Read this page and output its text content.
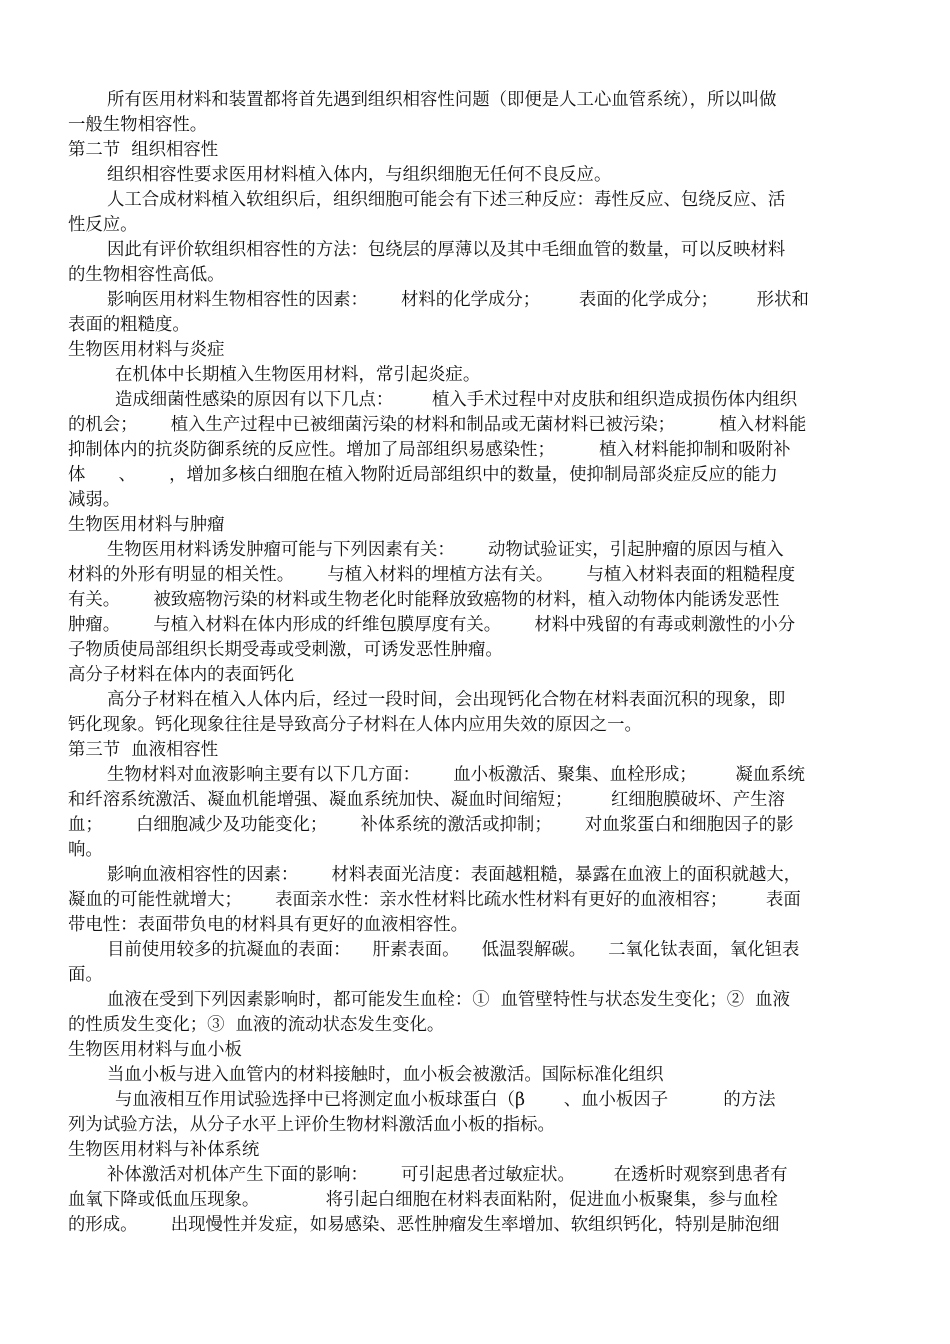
所有医用材料和装置都将首先遇到组织相容性问题（即便是人工心血管系统），所以叫做
一般生物相容性。
第二节  组织相容性
组织相容性要求医用材料植入体内，与组织细胞无任何不良反应。
人工合成材料植入软组织后，组织细胞可能会有下述三种反应：毒性反应、包绕反应、活
性反应。
因此有评价软组织相容性的方法：包绕层的厚薄以及其中毛细血管的数量，可以反映材料
的生物相容性高低。
影响医用材料生物相容性的因素：      材料的化学成分；       表面的化学成分；       形状和
表面的粗糙度。
生物医用材料与炎症
在机体中长期植入生物医用材料，常引起炎症。
造成细菌性感染的原因有以下几点：       植入手术过程中对皮肤和组织造成损伤体内组织
的机会；      植入生产过程中已被细菌污染的材料和制品或无菌材料已被污染；        植入材料能
抑制体内的抗炎防御系统的反应性。增加了局部组织易感染性；        植入材料能抑制和吸附补
体      、      ，增加多核白细胞在植入物附近局部组织中的数量，使抑制局部炎症反应的能力
减弱。
生物医用材料与肿瘤
生物医用材料诱发肿瘤可能与下列因素有关：      动物试验证实，引起肿瘤的原因与植入
材料的外形有明显的相关性。      与植入材料的埋植方法有关。      与植入材料表面的粗糙程度
有关。      被致癌物污染的材料或生物老化时能释放致癌物的材料，植入动物体内能诱发恶性
肿瘤。      与植入材料在体内形成的纤维包膜厚度有关。      材料中残留的有毒或刺激性的小分
子物质使局部组织长期受毒或受刺激，可诱发恶性肿瘤。
高分子材料在体内的表面钙化
高分子材料在植入人体内后，经过一段时间，会出现钙化合物在材料表面沉积的现象，即
钙化现象。钙化现象往往是导致高分子材料在人体内应用失效的原因之一。
第三节  血液相容性
生物材料对血液影响主要有以下几方面：      血小板激活、聚集、血栓形成；       凝血系统
和纤溶系统激活、凝血机能增强、凝血系统加快、凝血时间缩短；       红细胞膜破坏、产生溶
血；      白细胞减少及功能变化；      补体系统的激活或抑制；      对血浆蛋白和细胞因子的影
响。
影响血液相容性的因素：      材料表面光洁度：表面越粗糙，暴露在血液上的面积就越大，
凝血的可能性就增大；      表面亲水性：亲水性材料比疏水性材料有更好的血液相容；       表面
带电性：表面带负电的材料具有更好的血液相容性。
目前使用较多的抗凝血的表面：    肝素表面。    低温裂解碳。    二氧化钛表面，氧化钽表
面。
血液在受到下列因素影响时，都可能发生血栓：①  血管壁特性与状态发生变化；②  血液
的性质发生变化；③  血液的流动状态发生变化。
生物医用材料与血小板
当血小板与进入血管内的材料接触时，血小板会被激活。国际标准化组织
与血液相互作用试验选择中已将测定血小板球蛋白（β       、血小板因子          的方法
列为试验方法，从分子水平上评价生物材料激活血小板的指标。
生物医用材料与补体系统
补体激活对机体产生下面的影响：      可引起患者过敏症状。       在透析时观察到患者有
血氧下降或低血压现象。            将引起白细胞在材料表面粘附，促进血小板聚集，参与血栓
的形成。      出现慢性并发症，如易感染、恶性肿瘤发生率增加、软组织钙化，特别是肺泡细
